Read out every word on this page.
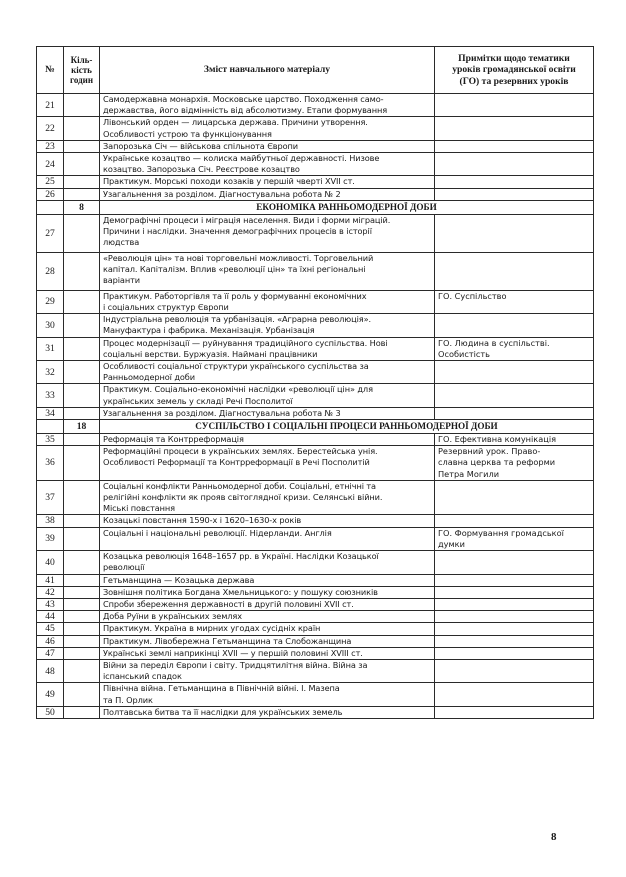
№	Кіль-
кість
годин	Зміст навчального матеріалу	Примітки щодо тематики
уроків громадянської освіти
(ГО) та резервних уроків
21		Самодержавна монархія. Московське царство. Походження само-
державства, його відмінність від абсолютизму. Етапи формування	
22		Лівонський орден — лицарська держава. Причини утворення.
Особливості устрою та функціонування	
23		Запорозька Січ — військова спільнота Європи	
24		Українське козацтво — колиска майбутньої державності. Низове
козацтво. Запорозька Січ. Реєстрове козацтво	
25		Практикум. Морські походи козаків у першій чверті XVII ст.	
26		Узагальнення за розділом. Діагностувальна робота № 2	
	8	ЕКОНОМІКА РАННЬОМОДЕРНОЇ ДОБИ	
27		Демографічні процеси і міграція населення. Види і форми міграцій.
Причини і наслідки. Значення демографічних процесів в історії
людства	
28		«Революція цін» та нові торговельні можливості. Торговельний
капітал. Капіталізм. Вплив «революції цін» та їхні регіональні
варіанти	
29		Практикум. Работоргівля та її роль у формуванні економічних
і соціальних структур Європи	ГО. Суспільство
30		Індустріальна революція та урбанізація. «Аграрна революція».
Мануфактура і фабрика. Механізація. Урбанізація	
31		Процес модернізації — руйнування традиційного суспільства. Нові
соціальні верстви. Буржуазія. Наймані працівники	ГО. Людина в суспільстві.
Особистість
32		Особливості соціальної структури українського суспільства за
Ранньомодерної доби	
33		Практикум. Соціально-економічні наслідки «революції цін» для
українських земель у складі Речі Посполитої	
34		Узагальнення за розділом. Діагностувальна робота № 3	
	18	СУСПІЛЬСТВО І СОЦІАЛЬНІ ПРОЦЕСИ РАННЬОМОДЕРНОЇ ДОБИ	
35		Реформація та Контрреформація	ГО. Ефективна комунікація
36		Реформаційні процеси в українських землях. Берестейська унія.
Особливості Реформації та Контрреформації в Речі Посполитій	Резервний урок. Право-
славна церква та реформи
Петра Могили
37		Соціальні конфлікти Ранньомодерної доби. Соціальні, етнічні та
релігійні конфлікти як прояв світоглядної кризи. Селянські війни.
Міські повстання	
38		Козацькі повстання 1590-х і 1620–1630-х років	
39		Соціальні і національні революції. Нідерланди. Англія	ГО. Формування громадської
думки
40		Козацька революція 1648–1657 рр. в Україні. Наслідки Козацької
революції	
41		Гетьманщина — Козацька держава	
42		Зовнішня політика Богдана Хмельницького: у пошуку союзників	
43		Спроби збереження державності в другій половині XVII ст.	
44		Доба Руїни в українських землях	
45		Практикум. Україна в мирних угодах сусідніх країн	
46		Практикум. Лівобережна Гетьманщина та Слобожанщина	
47		Українські землі наприкінці XVII — у першій половині XVIII ст.	
48		Війни за переділ Європи і світу. Тридцятилітня війна. Війна за
іспанський спадок	
49		Північна війна. Гетьманщина в Північній війні. І. Мазепа
та П. Орлик	
50		Полтавська битва та її наслідки для українських земель	
8
